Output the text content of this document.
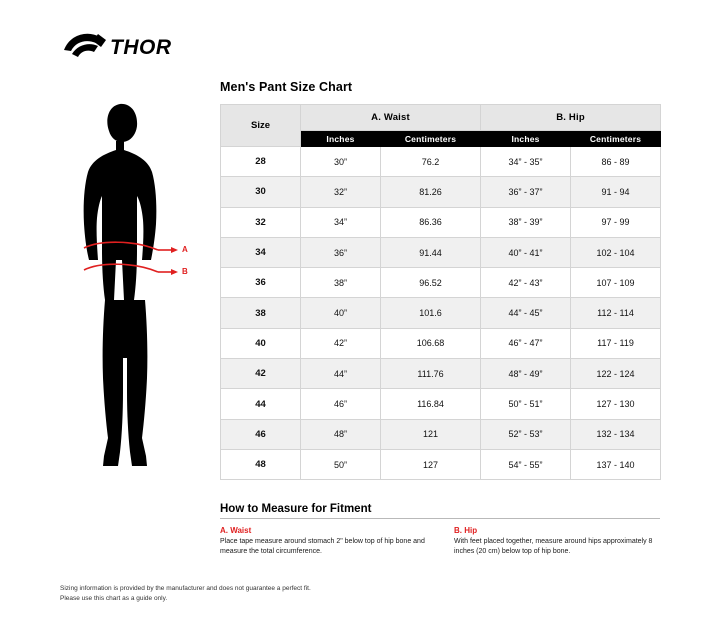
THOR
A
B
Men's Pant Size Chart
Size	A. Waist		B. Hip	
	Inches	Centimeters	Inches	Centimeters
28	30”	76.2	34” - 35”	86 - 89
30	32”	81.26	36” - 37”	91 - 94
32	34”	86.36	38” - 39”	97 - 99
34	36”	91.44	40” - 41”	102 - 104
36	38”	96.52	42” - 43”	107 - 109
38	40”	101.6	44” - 45”	112 - 114
40	42”	106.68	46” - 47”	117 - 119
42	44”	111.76	48” - 49”	122 - 124
44	46”	116.84	50” - 51”	127 - 130
46	48”	121	52” - 53”	132 - 134
48	50”	127	54” - 55”	137 - 140
How to Measure for Fitment
A. Waist
Place tape measure around stomach 2" below top of hip bone and measure the total circumference.
B. Hip
With feet placed together, measure around hips approximately 8 inches (20 cm) below top of hip bone.
Sizing information is provided by the manufacturer and does not guarantee a perfect fit.
Please use this chart as a guide only.
